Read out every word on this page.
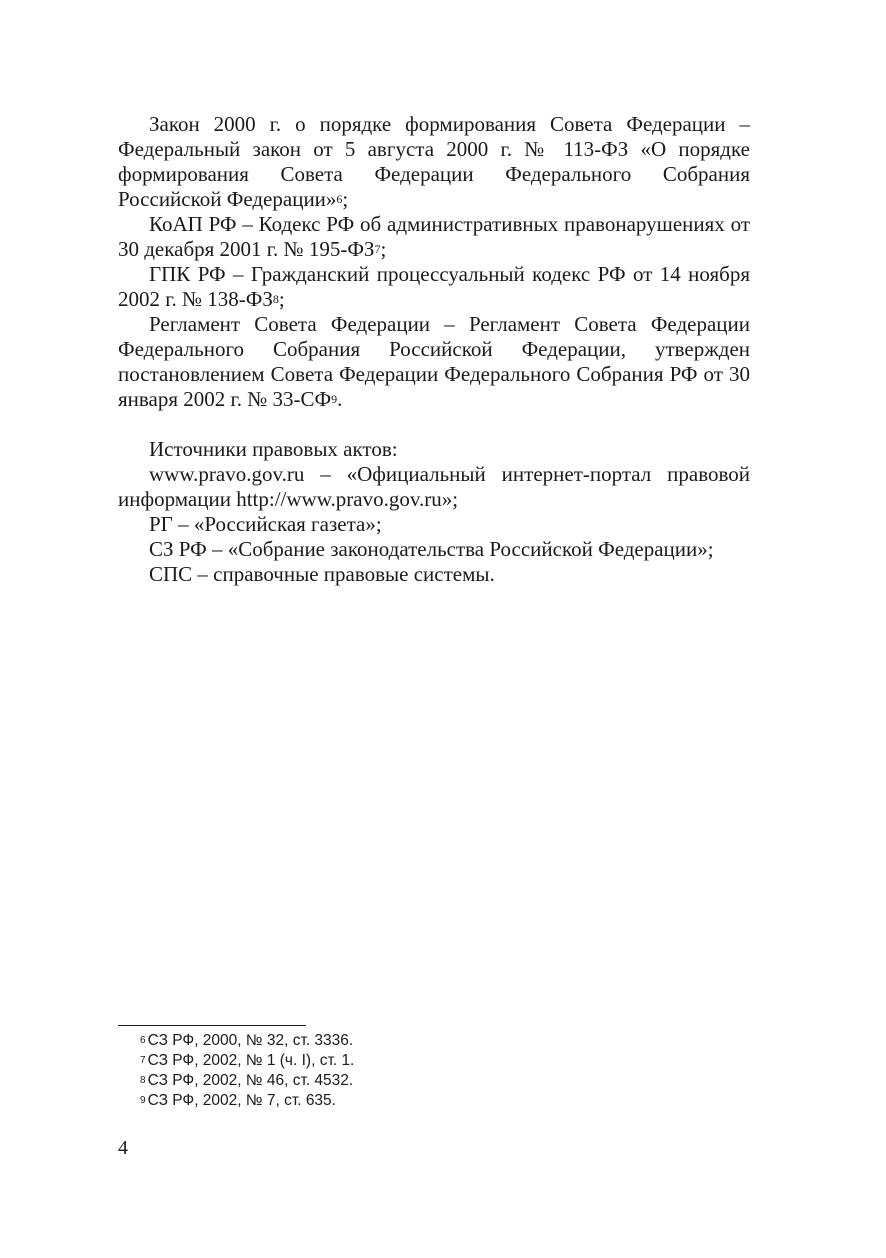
Закон 2000 г. о порядке формирования Совета Федерации – Федеральный закон от 5 августа 2000 г. № 113-ФЗ «О порядке формирования Совета Федерации Федерального Собрания Российской Федерации»$^6$;

КоАП РФ – Кодекс РФ об административных правонарушениях от 30 декабря 2001 г. № $195-ФЗ^7$;

ГПК РФ – Гражданский процессуальный кодекс РФ от 14 ноября 2002 г. № $138-ФЗ^8$;

Регламент Совета Федерации – Регламент Совета Федерации Федерального Собрания Российской Федерации, утвержден постановлением Совета Федерации Федерального Собрания РФ от 30 января 2002 г. № $33-СФ^9$.

Источники правовых актов:

www.pravo.gov.ru – «Официальный интернет-портал правовой информации http://www.pravo.gov.ru»;

РГ – «Российская газета»;

СЗ РФ – «Собрание законодательства Российской Федерации»;

СПС – справочные правовые системы.

$^6$ СЗ РФ, 2000, № 32, ст. 3336.

$^7$ СЗ РФ, 2002, № 1 (ч. I), ст. 1.

$^8$ СЗ РФ, 2002, № 46, ст. 4532.

$^9$ СЗ РФ, 2002, № 7, ст. 635.

4
